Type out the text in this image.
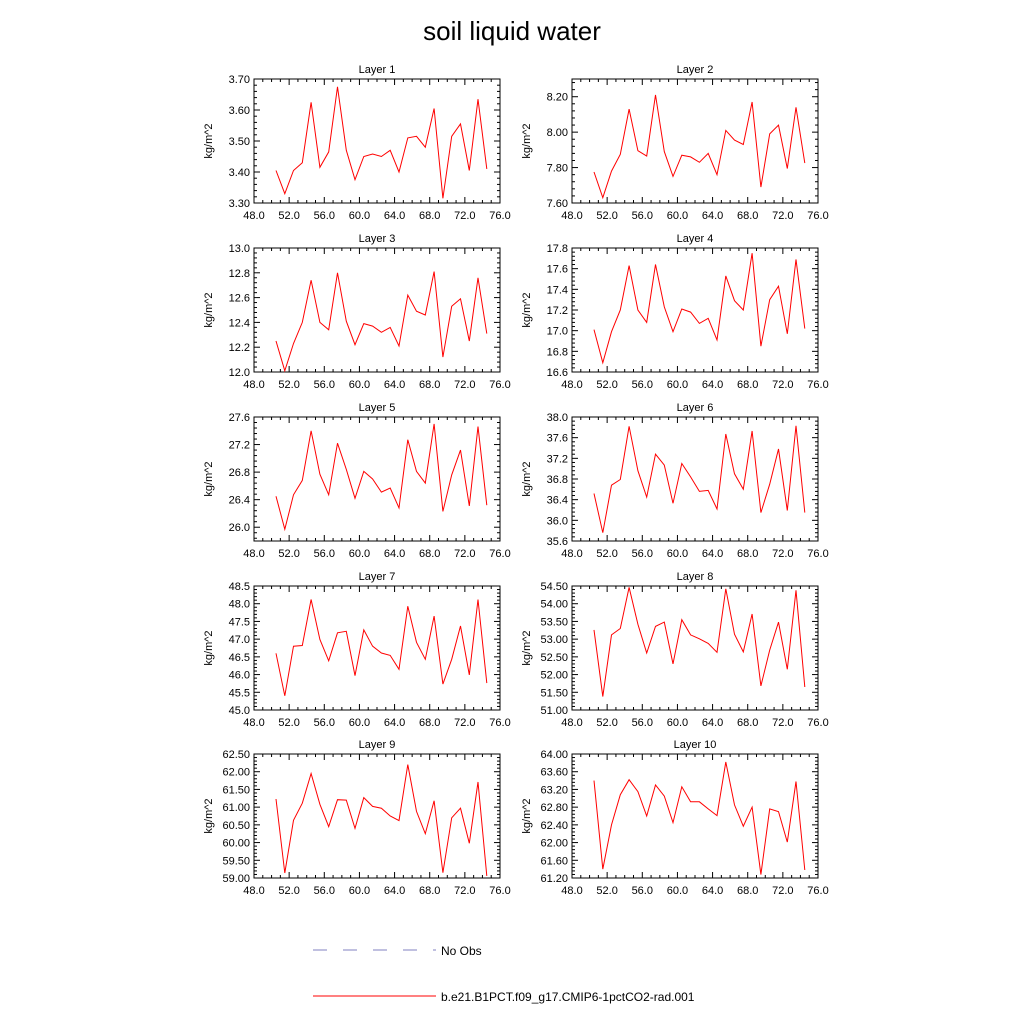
soil liquid water
Layer 1
kg/m^2
48.0 52.0 56.0 60.0 64.0 68.0 72.0 76.0
3.30
3.40
3.50
3.60
3.70
Layer 2
kg/m^2
48.0 52.0 56.0 60.0 64.0 68.0 72.0 76.0
7.60
7.80
8.00
8.20
Layer 3
kg/m^2
48.0 52.0 56.0 60.0 64.0 68.0 72.0 76.0
12.0
12.2
12.4
12.6
12.8
13.0
Layer 4
kg/m^2
48.0 52.0 56.0 60.0 64.0 68.0 72.0 76.0
16.6
16.8
17.0
17.2
17.4
17.6
17.8
Layer 5
kg/m^2
48.0 52.0 56.0 60.0 64.0 68.0 72.0 76.0
26.0
26.4
26.8
27.2
27.6
Layer 6
kg/m^2
48.0 52.0 56.0 60.0 64.0 68.0 72.0 76.0
35.6
36.0
36.4
36.8
37.2
37.6
38.0
Layer 7
kg/m^2
48.0 52.0 56.0 60.0 64.0 68.0 72.0 76.0
45.0
45.5
46.0
46.5
47.0
47.5
48.0
48.5
Layer 8
kg/m^2
48.0 52.0 56.0 60.0 64.0 68.0 72.0 76.0
51.00
51.50
52.00
52.50
53.00
53.50
54.00
54.50
Layer 9
kg/m^2
48.0 52.0 56.0 60.0 64.0 68.0 72.0 76.0
59.00
59.50
60.00
60.50
61.00
61.50
62.00
62.50
Layer 10
kg/m^2
48.0 52.0 56.0 60.0 64.0 68.0 72.0 76.0
61.20
61.60
62.00
62.40
62.80
63.20
63.60
64.00
No Obs
b.e21.B1PCT.f09_g17.CMIP6-1pctCO2-rad.001
